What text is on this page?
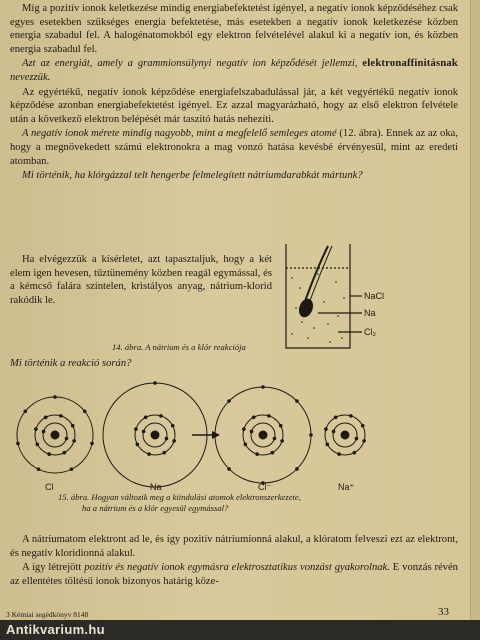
Míg a pozitív ionok keletkezése mindig energiabefektetést igényel, a negatív ionok képződéséhez csak egyes esetekben szükséges energia befektetése, más esetekben a negatív ionok keletkezése közben energia szabadul fel. A halogénatomokból egy elektron felvételével alakul ki a negatív ion, és közben energia szabadul fel.

Azt az energiát, amely a grammionsúlynyi negatív ion képződését jellemzi, elektronaffinitásnak nevezzük.

Az egyértékű, negatív ionok képződése energiafelszabadulással jár, a két vegyértékű negatív ionok képződése azonban energiabefektetést igényel. Ez azzal magyarázható, hogy az első elektron felvétele után a következő elektron belépését már taszító hatás nehezíti.

A negatív ionok mérete mindig nagyobb, mint a megfelelő semleges atomé (12. ábra). Ennek az az oka, hogy a megnövekedett számú elektronokra a mag vonzó hatása kevésbé érvényesül, mint az eredeti atomban.

Mi történik, ha klórgázzal telt hengerbe felmelegített nátriumdarabkát mártunk?

Ha elvégezzük a kísérletet, azt tapasztaljuk, hogy a két elem igen hevesen, tűztünemény közben reagál egymással, és a kémcső falára színtelen, kristályos anyag, nátrium-klorid rakódik le.	NaCl
Na
Cl₂
14. ábra. A nátrium és a klór reakciója
Mi történik a reakció során?
Cl	Na	Cl⁻	Na⁺
15. ábra. Hogyan változik meg a kiindulási atomok elektronszerkezete,
ha a nátrium és a klór egyesül egymással?

A nátriumatom elektront ad le, és így pozitív nátriumionná alakul, a klóratom felveszi ezt az elektront, és negatív kloridionná alakul.

A így létrejött pozitív és negatív ionok egymásra elektrosztatikus vonzást gyakorolnak. E vonzás révén az ellentétes töltésű ionok bizonyos határig köze-

3 Kémiai segédkönyv 8148	33
Antikvarium.hu
